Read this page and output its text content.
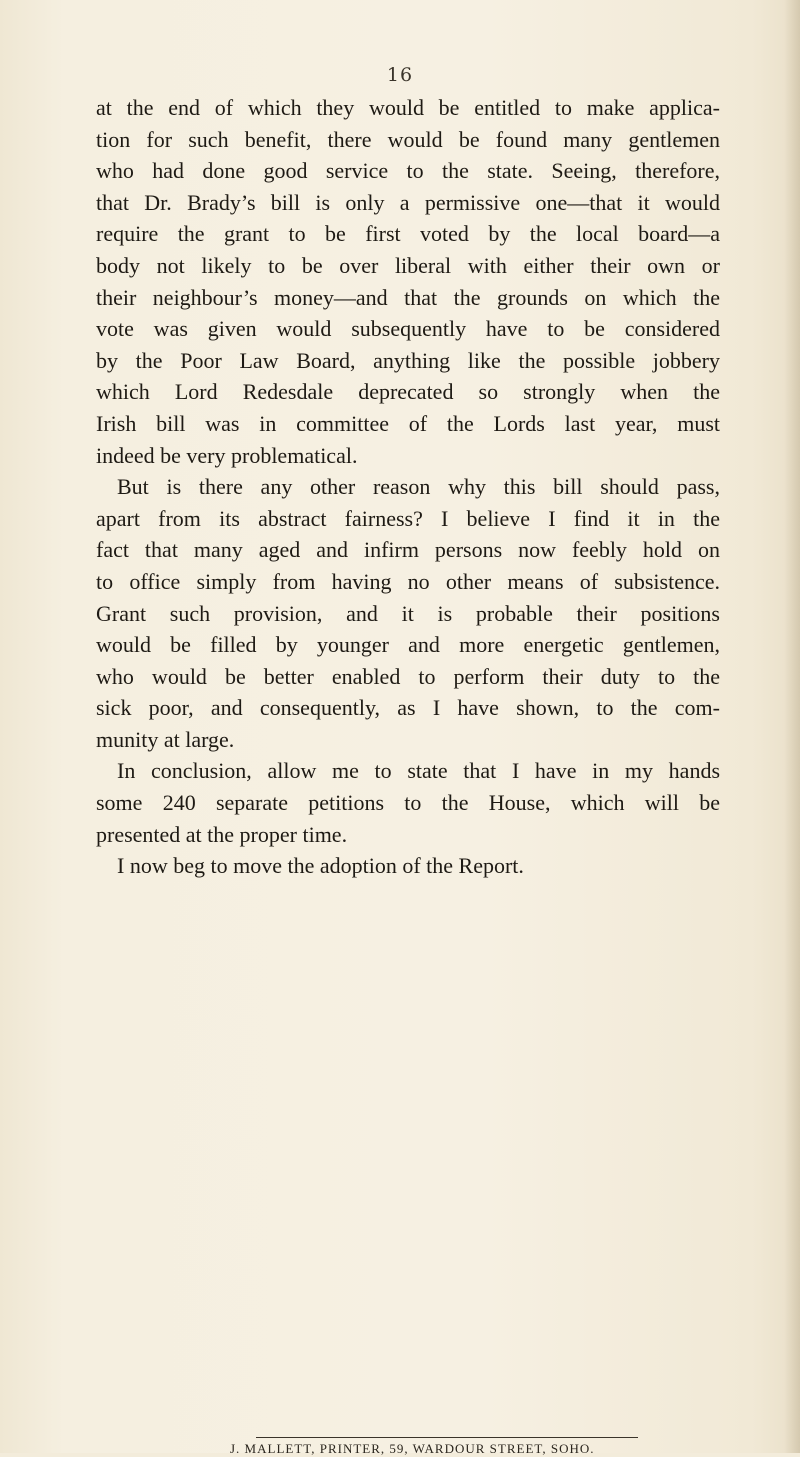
16
at the end of which they would be entitled to make applica-
tion for such benefit, there would be found many gentlemen
who had done good service to the state. Seeing, therefore,
that Dr. Brady’s bill is only a permissive one—that it would
require the grant to be first voted by the local board—a
body not likely to be over liberal with either their own or
their neighbour’s money—and that the grounds on which the
vote was given would subsequently have to be considered
by the Poor Law Board, anything like the possible jobbery
which Lord Redesdale deprecated so strongly when the
Irish bill was in committee of the Lords last year, must
indeed be very problematical.
But is there any other reason why this bill should pass,
apart from its abstract fairness? I believe I find it in the
fact that many aged and infirm persons now feebly hold on
to office simply from having no other means of subsistence.
Grant such provision, and it is probable their positions
would be filled by younger and more energetic gentlemen,
who would be better enabled to perform their duty to the
sick poor, and consequently, as I have shown, to the com-
munity at large.
In conclusion, allow me to state that I have in my hands
some 240 separate petitions to the House, which will be
presented at the proper time.
I now beg to move the adoption of the Report.
J. MALLETT, PRINTER, 59, WARDOUR STREET, SOHO.
